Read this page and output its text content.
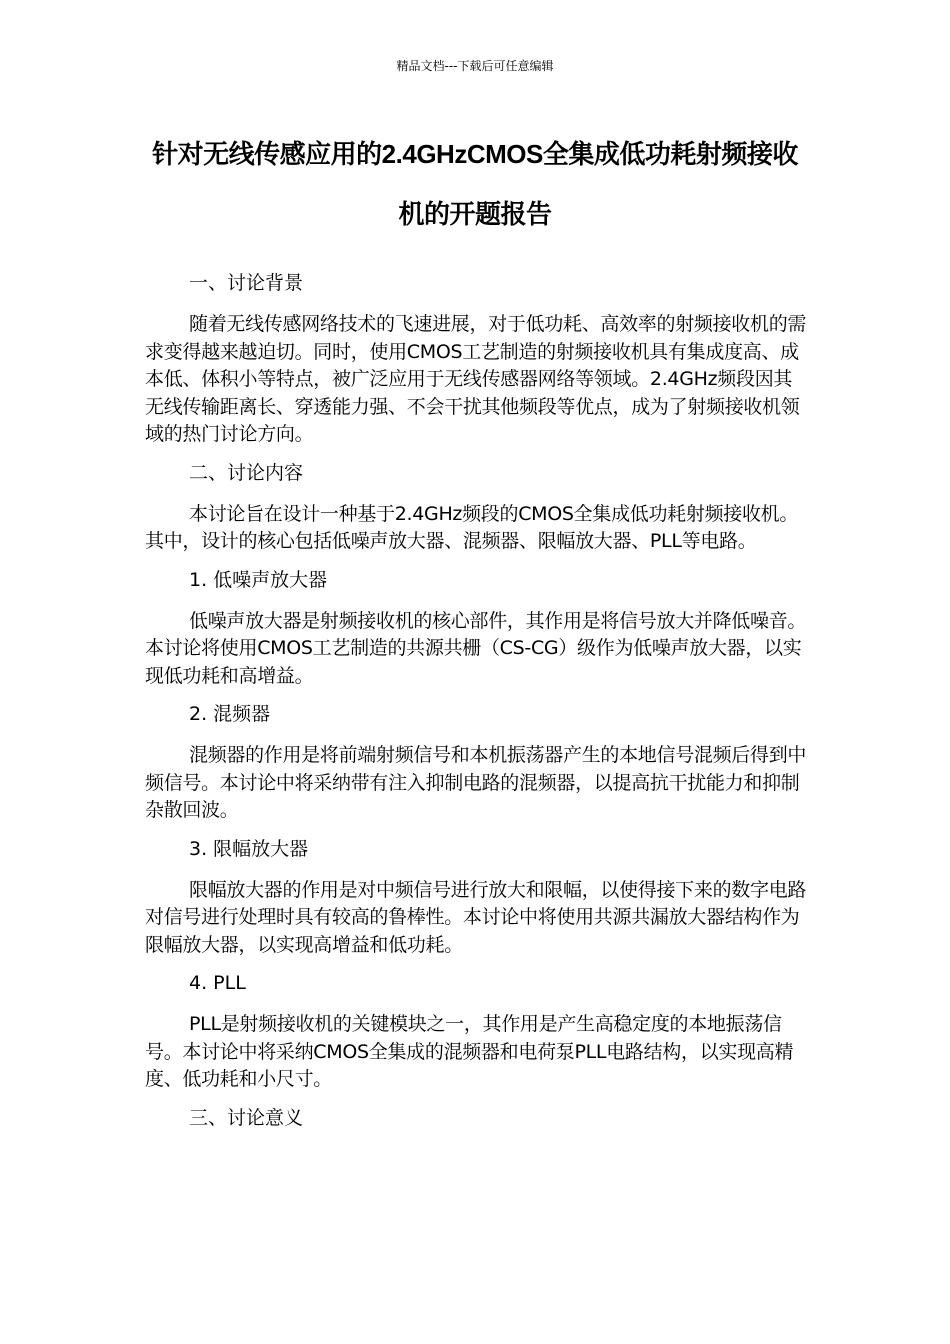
精品文档---下载后可任意编辑
针对无线传感应用的2.4GHzCMOS全集成低功耗射频接收机的开题报告

一、讨论背景

随着无线传感网络技术的飞速进展，对于低功耗、高效率的射频接收机的需求变得越来越迫切。同时，使用CMOS工艺制造的射频接收机具有集成度高、成本低、体积小等特点，被广泛应用于无线传感器网络等领域。2.4GHz频段因其无线传输距离长、穿透能力强、不会干扰其他频段等优点，成为了射频接收机领域的热门讨论方向。

二、讨论内容

本讨论旨在设计一种基于2.4GHz频段的CMOS全集成低功耗射频接收机。其中，设计的核心包括低噪声放大器、混频器、限幅放大器、PLL等电路。

1. 低噪声放大器

低噪声放大器是射频接收机的核心部件，其作用是将信号放大并降低噪音。本讨论将使用CMOS工艺制造的共源共栅（CS-CG）级作为低噪声放大器，以实现低功耗和高增益。

2. 混频器

混频器的作用是将前端射频信号和本机振荡器产生的本地信号混频后得到中频信号。本讨论中将采纳带有注入抑制电路的混频器，以提高抗干扰能力和抑制杂散回波。

3. 限幅放大器

限幅放大器的作用是对中频信号进行放大和限幅，以使得接下来的数字电路对信号进行处理时具有较高的鲁棒性。本讨论中将使用共源共漏放大器结构作为限幅放大器，以实现高增益和低功耗。

4. PLL

PLL是射频接收机的关键模块之一，其作用是产生高稳定度的本地振荡信号。本讨论中将采纳CMOS全集成的混频器和电荷泵PLL电路结构，以实现高精度、低功耗和小尺寸。

三、讨论意义
